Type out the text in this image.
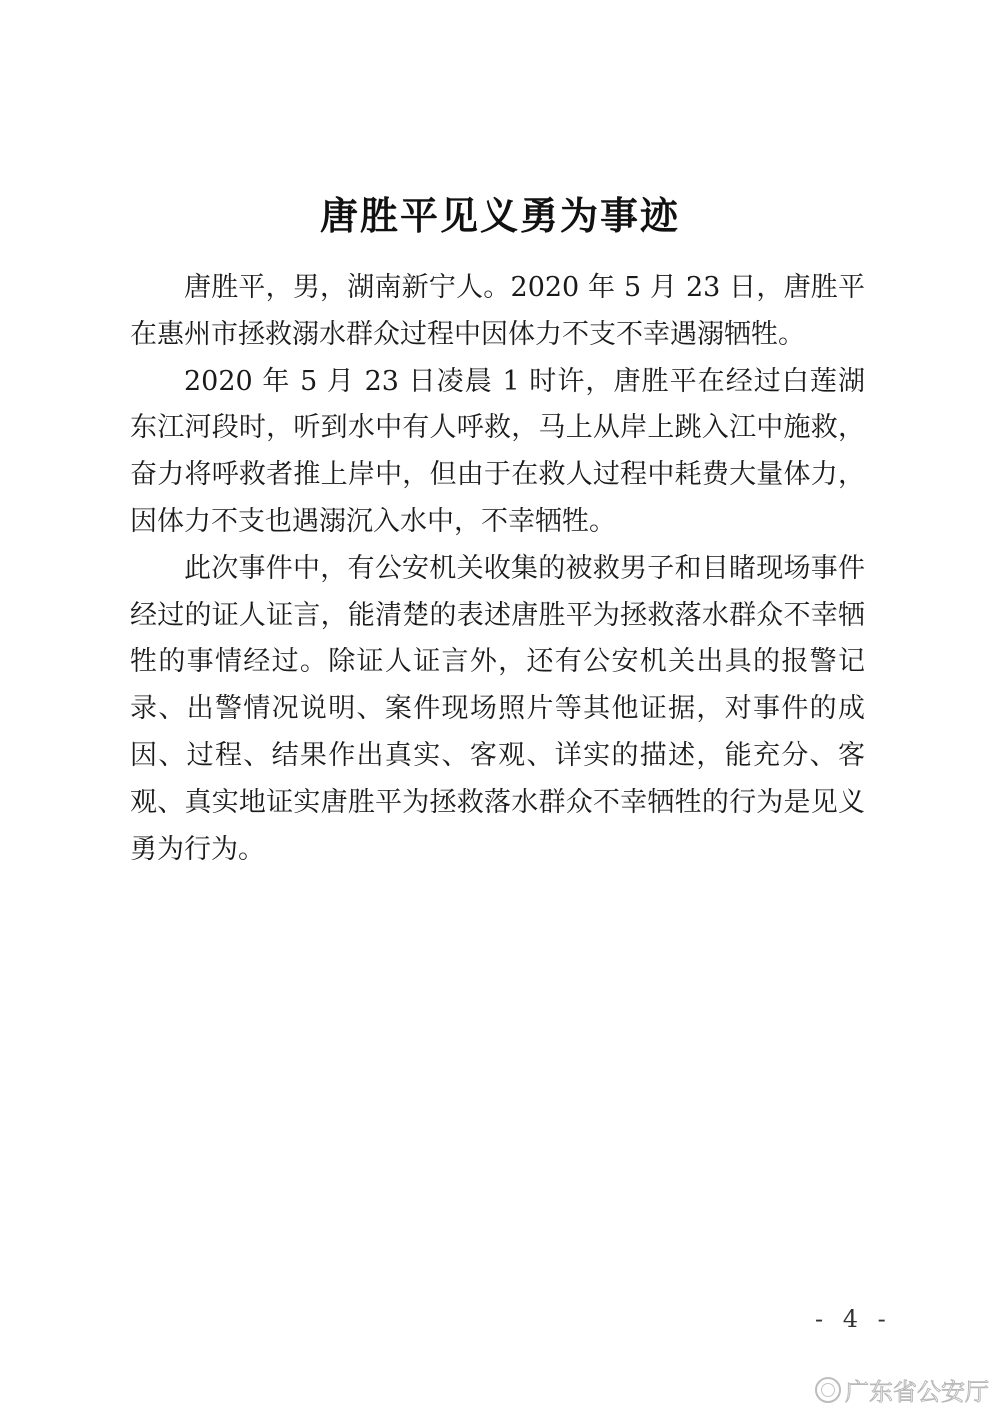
唐胜平见义勇为事迹

唐胜平，男，湖南新宁人。2020 年 5 月 23 日，唐胜平在惠州市拯救溺水群众过程中因体力不支不幸遇溺牺牲。

2020 年 5 月 23 日凌晨 1 时许，唐胜平在经过白莲湖东江河段时，听到水中有人呼救，马上从岸上跳入江中施救，奋力将呼救者推上岸中，但由于在救人过程中耗费大量体力，因体力不支也遇溺沉入水中，不幸牺牲。

此次事件中，有公安机关收集的被救男子和目睹现场事件经过的证人证言，能清楚的表述唐胜平为拯救落水群众不幸牺牲的事情经过。除证人证言外，还有公安机关出具的报警记录、出警情况说明、案件现场照片等其他证据，对事件的成因、过程、结果作出真实、客观、详实的描述，能充分、客观、真实地证实唐胜平为拯救落水群众不幸牺牲的行为是见义勇为行为。

- 4 -
广东省公安厅
